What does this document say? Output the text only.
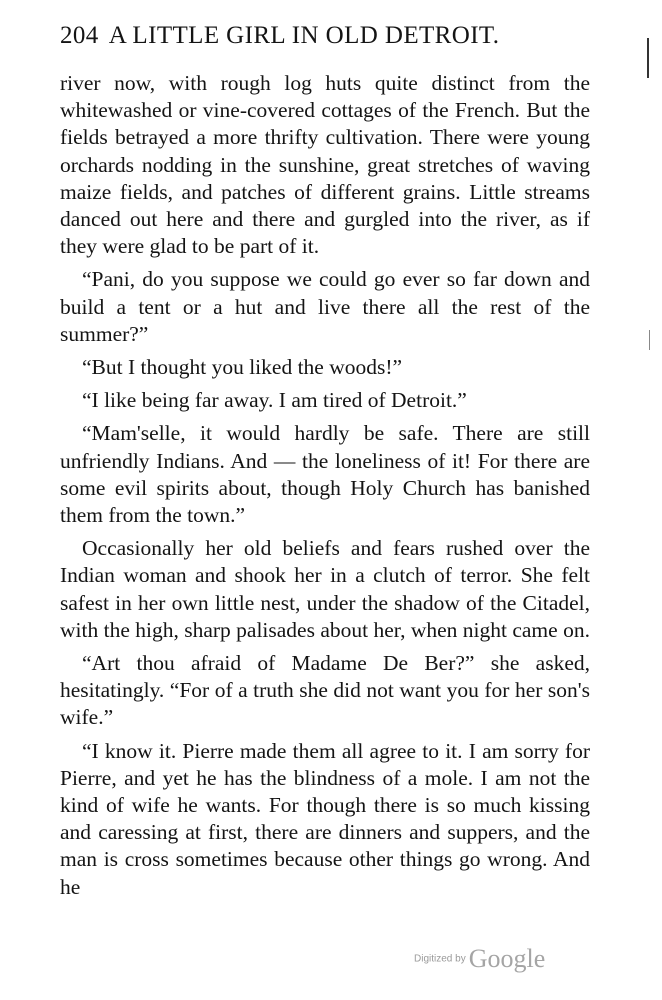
204 A LITTLE GIRL IN OLD DETROIT.

river now, with rough log huts quite distinct from the whitewashed or vine-covered cottages of the French. But the fields betrayed a more thrifty cultivation. There were young orchards nodding in the sunshine, great stretches of waving maize fields, and patches of different grains. Little streams danced out here and there and gurgled into the river, as if they were glad to be part of it.

“Pani, do you suppose we could go ever so far down and build a tent or a hut and live there all the rest of the summer?”

“But I thought you liked the woods!”

“I like being far away. I am tired of Detroit.”

“Mam'selle, it would hardly be safe. There are still unfriendly Indians. And — the loneliness of it! For there are some evil spirits about, though Holy Church has banished them from the town.”

Occasionally her old beliefs and fears rushed over the Indian woman and shook her in a clutch of terror. She felt safest in her own little nest, under the shadow of the Citadel, with the high, sharp palisades about her, when night came on.

“Art thou afraid of Madame De Ber?” she asked, hesitatingly. “For of a truth she did not want you for her son's wife.”

“I know it. Pierre made them all agree to it. I am sorry for Pierre, and yet he has the blindness of a mole. I am not the kind of wife he wants. For though there is so much kissing and caressing at first, there are dinners and suppers, and the man is cross sometimes because other things go wrong. And he

Digitized by Google
